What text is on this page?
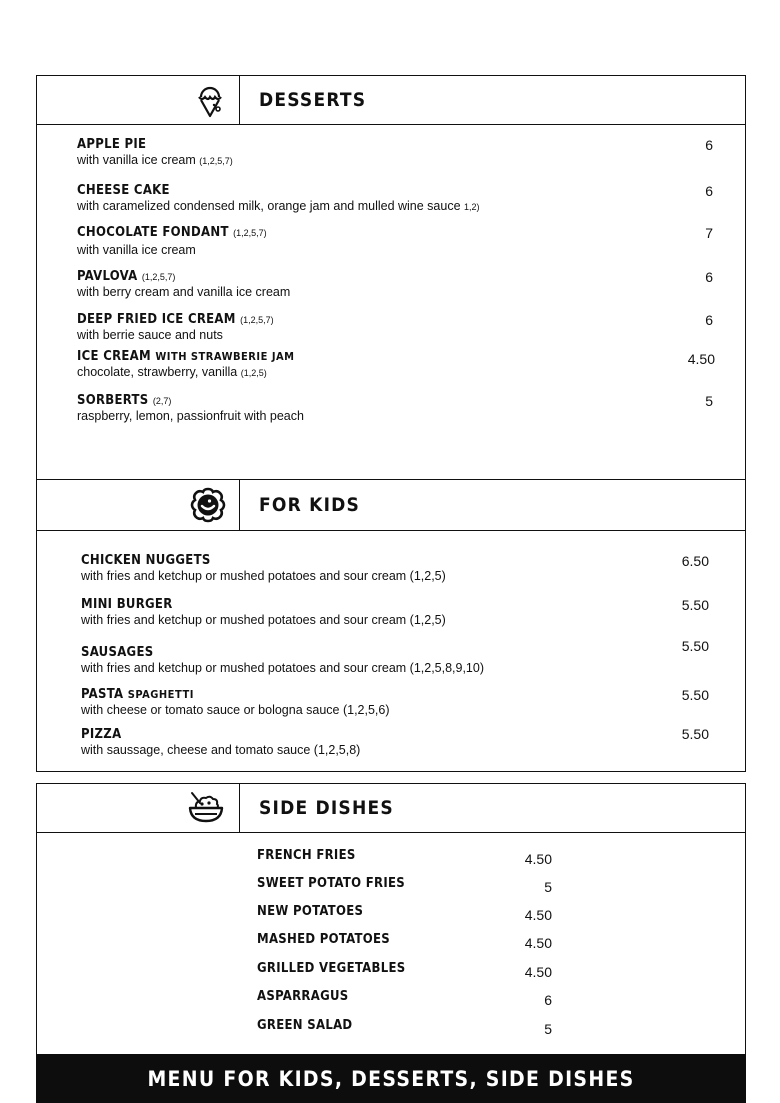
DESSERTS
APPLE PIE
with vanilla ice cream (1,2,5,7)
6
CHEESE CAKE
with caramelized condensed milk, orange jam and mulled wine sauce 1,2)
6
CHOCOLATE FONDANT (1,2,5,7)
with vanilla ice cream
7
PAVLOVA (1,2,5,7)
with berry cream and vanilla ice cream
6
DEEP FRIED ICE CREAM (1,2,5,7)
with berrie sauce and nuts
6
ICE CREAM WITH STRAWBERIE JAM
chocolate, strawberry, vanilla (1,2,5)
4.50
SORBERTS (2,7)
raspberry, lemon, passionfruit with peach
5
FOR KIDS
CHICKEN NUGGETS
with fries and ketchup or mushed potatoes and sour cream (1,2,5)
6.50
MINI BURGER
with fries and ketchup or mushed potatoes and sour cream (1,2,5)
5.50
SAUSAGES
with fries and ketchup or mushed potatoes and sour cream (1,2,5,8,9,10)
5.50
PASTA SPAGHETTI
with cheese or tomato sauce or bologna sauce (1,2,5,6)
5.50
PIZZA
with saussage, cheese and tomato sauce (1,2,5,8)
5.50
SIDE DISHES
FRENCH FRIES	4.50
SWEET POTATO FRIES	5
NEW POTATOES	4.50
MASHED POTATOES	4.50
GRILLED VEGETABLES	4.50
ASPARRAGUS	6
GREEN SALAD	5
MENU FOR KIDS, DESSERTS, SIDE DISHES
